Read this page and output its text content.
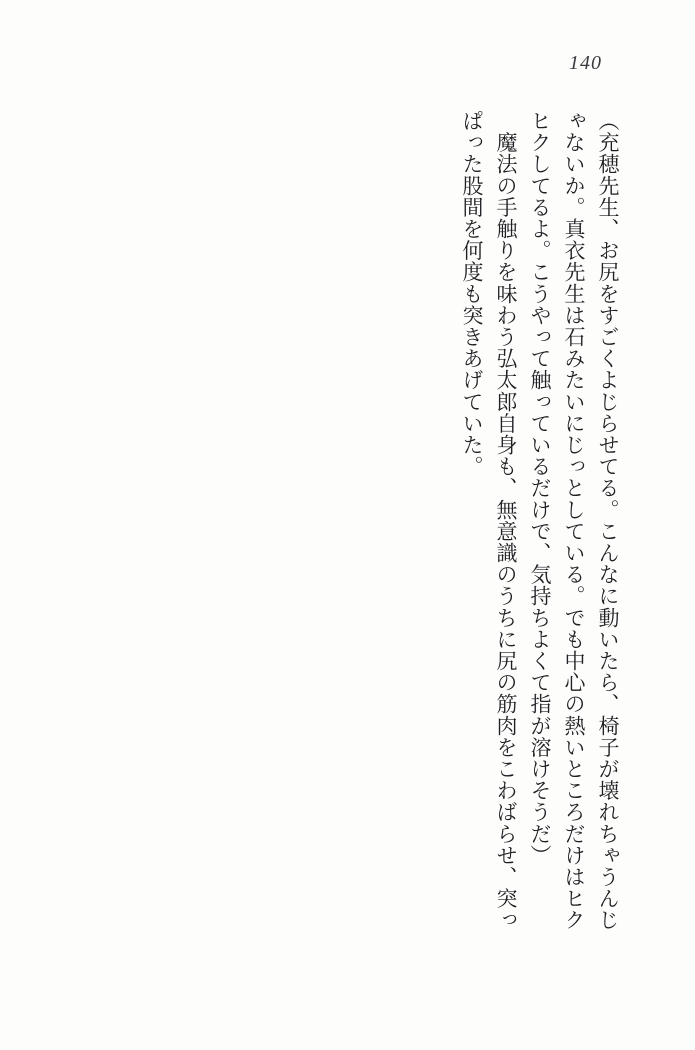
140

（充穂先生、お尻をすごくよじらせてる。こんなに動いたら、椅子が壊れちゃうんじ

ゃないか。真衣先生は石みたいにじっとしている。でも中心の熱いところだけはヒク

ヒクしてるよ。こうやって触っているだけで、気持ちよくて指が溶けそうだ）

　魔法の手触りを味わう弘太郎自身も、無意識のうちに尻の筋肉をこわばらせ、突っ

ぱった股間を何度も突きあげていた。
